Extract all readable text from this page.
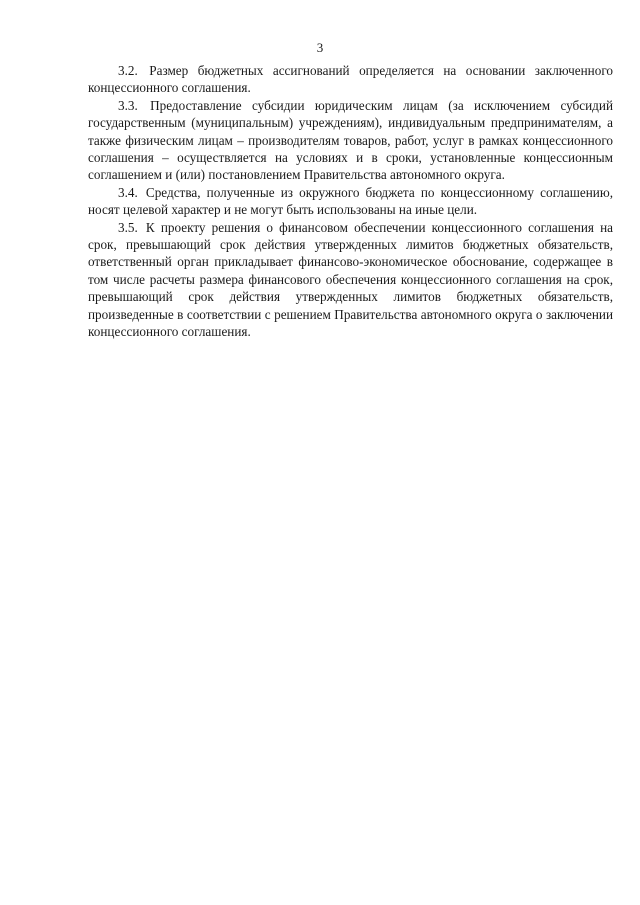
3

3.2. Размер бюджетных ассигнований определяется на основании заключенного концессионного соглашения.

3.3. Предоставление субсидии юридическим лицам (за исключением субсидий государственным (муниципальным) учреждениям), индивидуальным предпринимателям, а также физическим лицам – производителям товаров, работ, услуг в рамках концессионного соглашения – осуществляется на условиях и в сроки, установленные концессионным соглашением и (или) постановлением Правительства автономного округа.

3.4. Средства, полученные из окружного бюджета по концессионному соглашению, носят целевой характер и не могут быть использованы на иные цели.

3.5. К проекту решения о финансовом обеспечении концессионного соглашения на срок, превышающий срок действия утвержденных лимитов бюджетных обязательств, ответственный орган прикладывает финансово-экономическое обоснование, содержащее в том числе расчеты размера финансового обеспечения концессионного соглашения на срок, превышающий срок действия утвержденных лимитов бюджетных обязательств, произведенные в соответствии с решением Правительства автономного округа о заключении концессионного соглашения.
